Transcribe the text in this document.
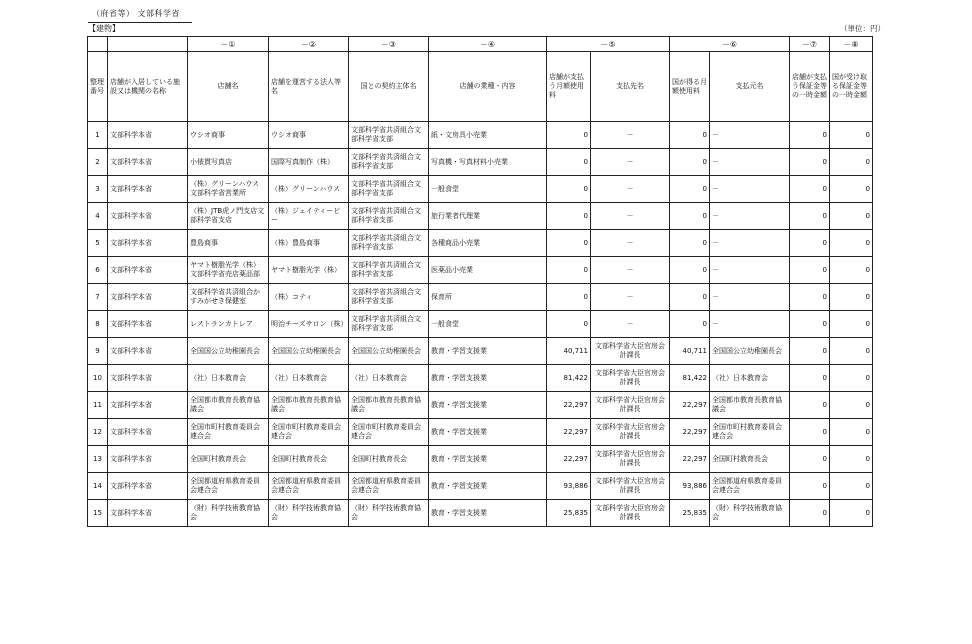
（府省等） 文部科学省
【建物】	（単位：円）
		－①	－②	－③	－④	－⑤		－⑥		－⑦	－⑧
整理番号	店舗が入居している施設又は機関の名称	店舗名	店舗を運営する法人等名	国との契約主体名	店舗の業種・内容	店舗が支払う月額使用料	支払先名	国が得る月額使用料	支払元名	店舗が支払う保証金等の一時金額	国が受け取る保証金等の一時金額
1	文部科学本省	ウシオ商事	ウシオ商事	文部科学省共済組合文部科学省支部	紙・文房具小売業	0	－	0	－	0	0
2	文部科学本省	小俵貫写真店	国際写真制作（株）	文部科学省共済組合文部科学省支部	写真機・写真材料小売業	0	－	0	－	0	0
3	文部科学本省	（株）グリーンハウス文部科学省営業所	（株）グリーンハウス	文部科学省共済組合文部科学省支部	一般食堂	0	－	0	－	0	0
4	文部科学本省	（株）JTB虎ノ門支店文部科学省支店	（株）ジェイティービー	文部科学省共済組合文部科学省支部	旅行業者代理業	0	－	0	－	0	0
5	文部科学本省	豊島商事	（株）豊島商事	文部科学省共済組合文部科学省支部	各種商品小売業	0	－	0	－	0	0
6	文部科学本省	ヤマト樹脂光学（株）文部科学省売店薬品部	ヤマト樹脂光学（株）	文部科学省共済組合文部科学省支部	医薬品小売業	0	－	0	－	0	0
7	文部科学本省	文部科学省共済組合かすみがせき保健室	（株）コティ	文部科学省共済組合文部科学省支部	保育所	0	－	0	－	0	0
8	文部科学本省	レストランカトレア	明治チーズサロン（株）	文部科学省共済組合文部科学省支部	一般食堂	0	－	0	－	0	0
9	文部科学本省	全国国公立幼稚園長会	全国国公立幼稚園長会	全国国公立幼稚園長会	教育・学習支援業	40,711	文部科学省大臣官房会計課長	40,711	全国国公立幼稚園長会	0	0
10	文部科学本省	（社）日本教育会	（社）日本教育会	（社）日本教育会	教育・学習支援業	81,422	文部科学省大臣官房会計課長	81,422	（社）日本教育会	0	0
11	文部科学本省	全国都市教育長教育協議会	全国都市教育長教育協議会	全国都市教育長教育協議会	教育・学習支援業	22,297	文部科学省大臣官房会計課長	22,297	全国都市教育長教育協議会	0	0
12	文部科学本省	全国市町村教育委員会連合会	全国市町村教育委員会連合会	全国市町村教育委員会連合会	教育・学習支援業	22,297	文部科学省大臣官房会計課長	22,297	全国市町村教育委員会連合会	0	0
13	文部科学本省	全国町村教育長会	全国町村教育長会	全国町村教育長会	教育・学習支援業	22,297	文部科学省大臣官房会計課長	22,297	全国町村教育長会	0	0
14	文部科学本省	全国都道府県教育委員会連合会	全国都道府県教育委員会連合会	全国都道府県教育委員会連合会	教育・学習支援業	93,886	文部科学省大臣官房会計課長	93,886	全国都道府県教育委員会連合会	0	0
15	文部科学本省	（財）科学技術教育協会	（財）科学技術教育協会	（財）科学技術教育協会	教育・学習支援業	25,835	文部科学省大臣官房会計課長	25,835	（財）科学技術教育協会	0	0
